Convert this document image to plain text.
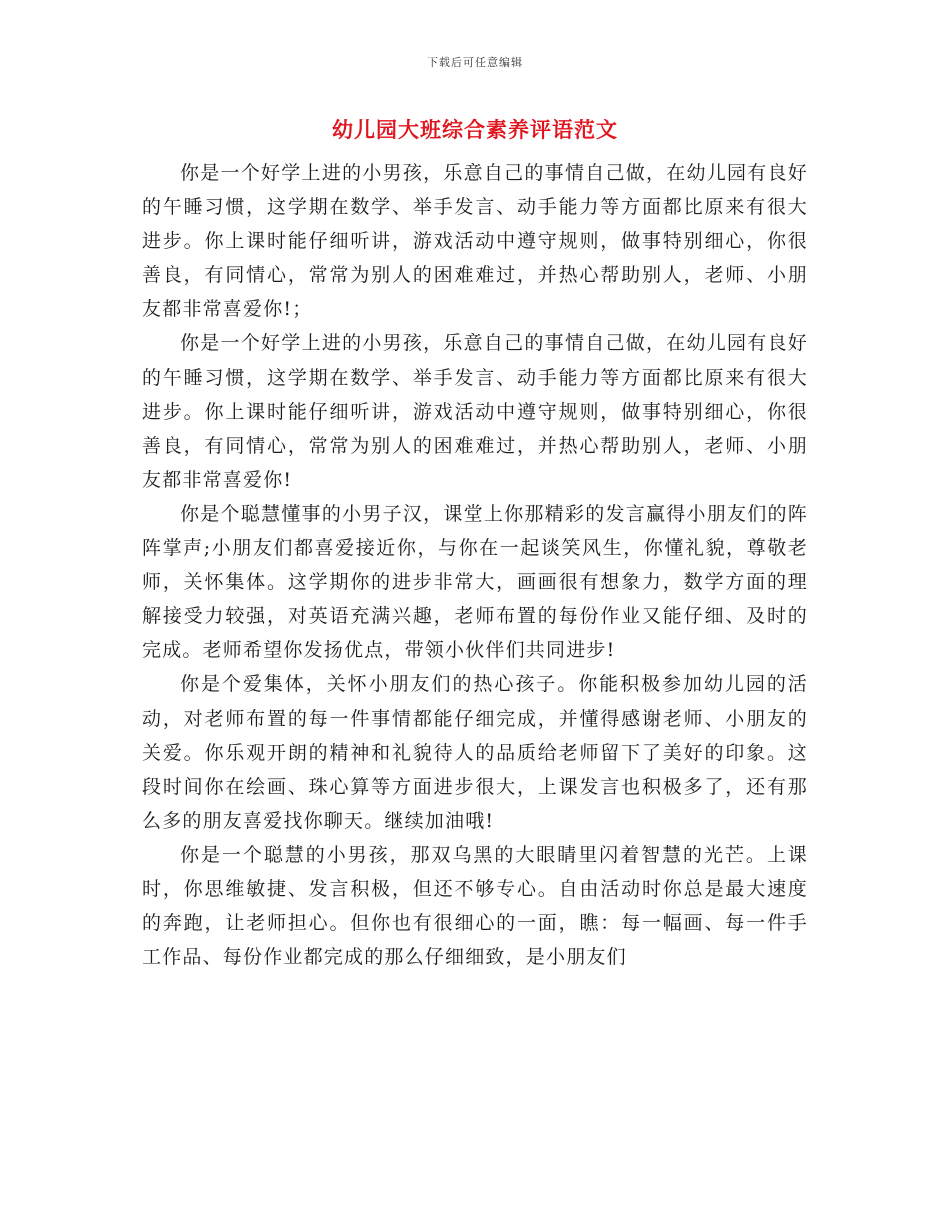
下载后可任意编辑
幼儿园大班综合素养评语范文

你是一个好学上进的小男孩，乐意自己的事情自己做，在幼儿园有良好的午睡习惯，这学期在数学、举手发言、动手能力等方面都比原来有很大进步。你上课时能仔细听讲，游戏活动中遵守规则，做事特别细心，你很善良，有同情心，常常为别人的困难难过，并热心帮助别人，老师、小朋友都非常喜爱你!；

你是一个好学上进的小男孩，乐意自己的事情自己做，在幼儿园有良好的午睡习惯，这学期在数学、举手发言、动手能力等方面都比原来有很大进步。你上课时能仔细听讲，游戏活动中遵守规则，做事特别细心，你很善良，有同情心，常常为别人的困难难过，并热心帮助别人，老师、小朋友都非常喜爱你!

你是个聪慧懂事的小男子汉，课堂上你那精彩的发言赢得小朋友们的阵阵掌声;小朋友们都喜爱接近你，与你在一起谈笑风生，你懂礼貌，尊敬老师，关怀集体。这学期你的进步非常大，画画很有想象力，数学方面的理解接受力较强，对英语充满兴趣，老师布置的每份作业又能仔细、及时的完成。老师希望你发扬优点，带领小伙伴们共同进步!

你是个爱集体，关怀小朋友们的热心孩子。你能积极参加幼儿园的活动，对老师布置的每一件事情都能仔细完成，并懂得感谢老师、小朋友的关爱。你乐观开朗的精神和礼貌待人的品质给老师留下了美好的印象。这段时间你在绘画、珠心算等方面进步很大，上课发言也积极多了，还有那么多的朋友喜爱找你聊天。继续加油哦!

你是一个聪慧的小男孩，那双乌黑的大眼睛里闪着智慧的光芒。上课时，你思维敏捷、发言积极，但还不够专心。自由活动时你总是最大速度的奔跑，让老师担心。但你也有很细心的一面，瞧：每一幅画、每一件手工作品、每份作业都完成的那么仔细细致，是小朋友们
